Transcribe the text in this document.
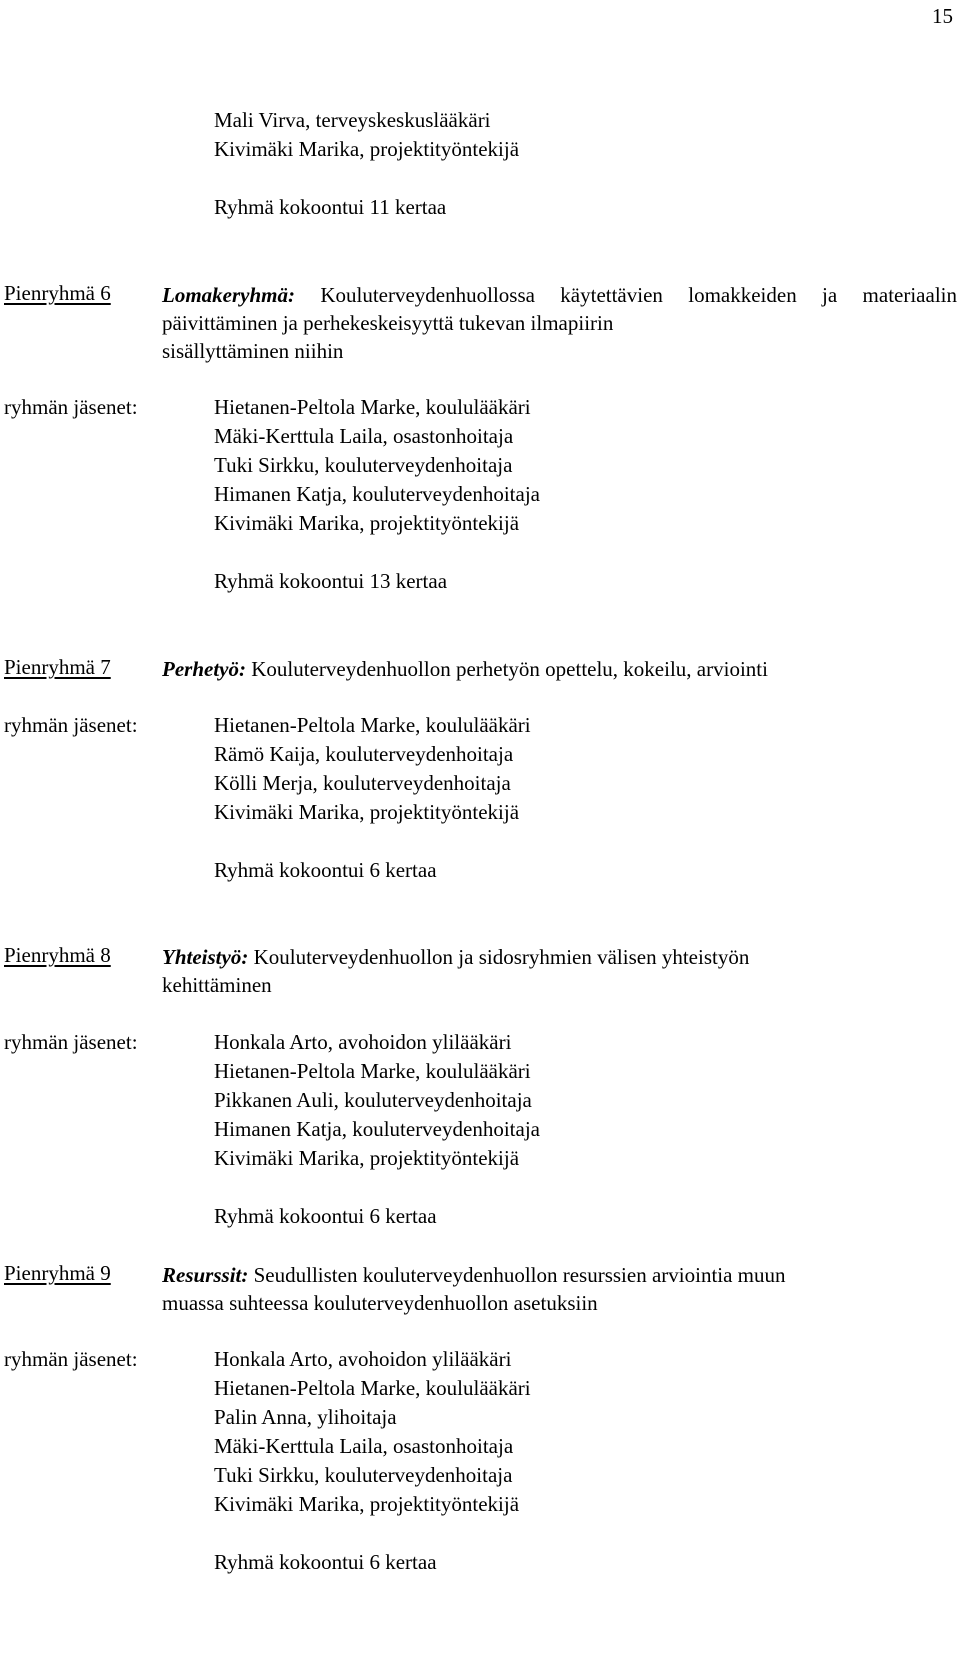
15
Mali Virva, terveyskeskuslääkäri
Kivimäki Marika, projektityöntekijä
Ryhmä kokoontui 11 kertaa
Pienryhmä 6 Lomakeryhmä: Kouluterveydenhuollossa käytettävien lomakkeiden ja materiaalin päivittäminen ja perhekeskeisyyttä tukevan ilmapiirin
sisällyttäminen niihin
ryhmän jäsenet:	Hietanen-Peltola Marke, koululääkäri
Mäki-Kerttula Laila, osastonhoitaja
Tuki Sirkku, kouluterveydenhoitaja
Himanen Katja, kouluterveydenhoitaja
Kivimäki Marika, projektityöntekijä
Ryhmä kokoontui 13 kertaa
Pienryhmä 7 Perhetyö: Kouluterveydenhuollon perhetyön opettelu, kokeilu, arviointi
ryhmän jäsenet:	Hietanen-Peltola Marke, koululääkäri
Rämö Kaija, kouluterveydenhoitaja
Kölli Merja, kouluterveydenhoitaja
Kivimäki Marika, projektityöntekijä
Ryhmä kokoontui 6 kertaa
Pienryhmä 8 Yhteistyö: Kouluterveydenhuollon ja sidosryhmien välisen yhteistyön
kehittäminen
ryhmän jäsenet:	Honkala Arto, avohoidon ylilääkäri
Hietanen-Peltola Marke, koululääkäri
Pikkanen Auli, kouluterveydenhoitaja
Himanen Katja, kouluterveydenhoitaja
Kivimäki Marika, projektityöntekijä
Ryhmä kokoontui 6 kertaa
Pienryhmä 9 Resurssit: Seudullisten kouluterveydenhuollon resurssien arviointia muun
muassa suhteessa kouluterveydenhuollon asetuksiin
ryhmän jäsenet:	Honkala Arto, avohoidon ylilääkäri
Hietanen-Peltola Marke, koululääkäri
Palin Anna, ylihoitaja
Mäki-Kerttula Laila, osastonhoitaja
Tuki Sirkku, kouluterveydenhoitaja
Kivimäki Marika, projektityöntekijä
Ryhmä kokoontui 6 kertaa
